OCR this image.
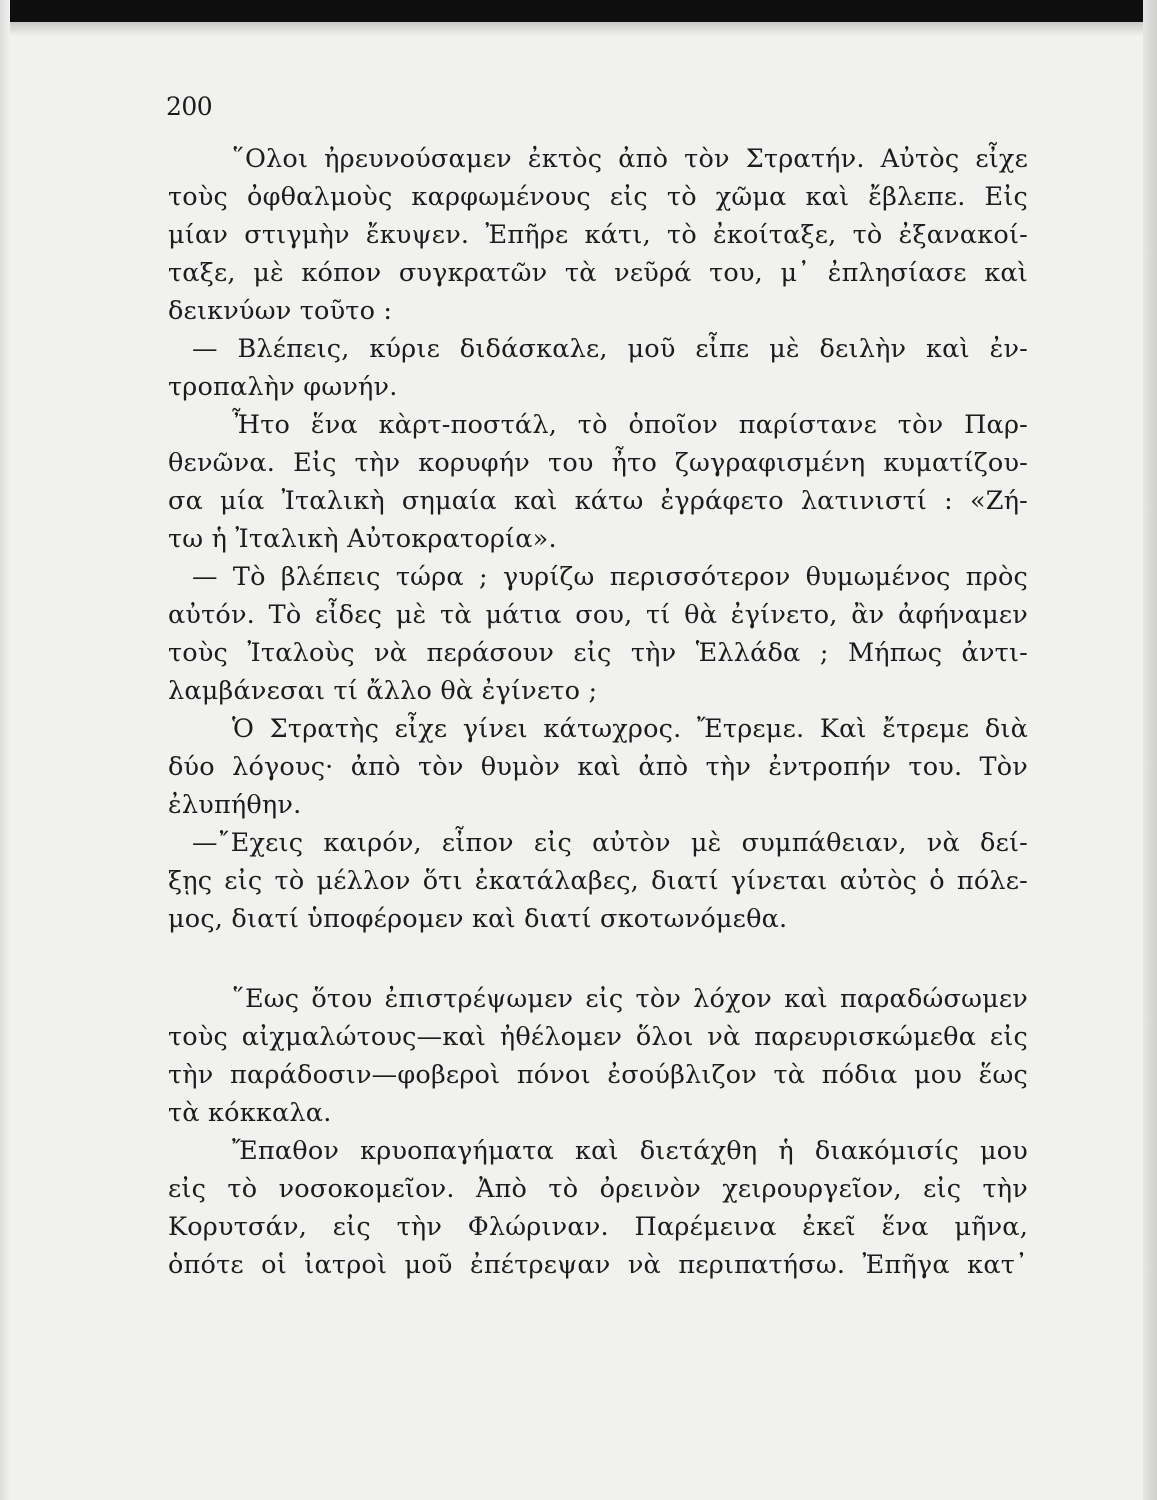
200
῞Ολοι ἠρευνούσαμεν ἐκτὸς ἀπὸ τὸν Στρατήν. Αὐτὸς εἶχε
τοὺς ὀφθαλμοὺς καρφωμένους εἰς τὸ χῶμα καὶ ἔβλεπε. Εἰς
μίαν στιγμὴν ἔκυψεν. Ἐπῆρε κάτι, τὸ ἐκοίταξε, τὸ ἐξανακοί-
ταξε, μὲ κόπον συγκρατῶν τὰ νεῦρά του, μ᾿ ἐπλησίασε καὶ
δεικνύων τοῦτο :
— Βλέπεις, κύριε διδάσκαλε, μοῦ εἶπε μὲ δειλὴν καὶ ἐν-
τροπαλὴν φωνήν.
Ἦτο ἕνα κὰρτ-ποστάλ, τὸ ὁποῖον παρίστανε τὸν Παρ-
θενῶνα. Εἰς τὴν κορυφήν του ἦτο ζωγραφισμένη κυματίζου-
σα μία Ἰταλικὴ σημαία καὶ κάτω ἐγράφετο λατινιστί : «Ζή-
τω ἡ Ἰταλικὴ Αὐτοκρατορία».
— Τὸ βλέπεις τώρα ; γυρίζω περισσότερον θυμωμένος πρὸς
αὐτόν. Τὸ εἶδες μὲ τὰ μάτια σου, τί θὰ ἐγίνετο, ἂν ἀφήναμεν
τοὺς Ἰταλοὺς νὰ περάσουν εἰς τὴν Ἑλλάδα ; Μήπως ἀντι-
λαμβάνεσαι τί ἄλλο θὰ ἐγίνετο ;
Ὁ Στρατὴς εἶχε γίνει κάτωχρος. Ἔτρεμε. Καὶ ἔτρεμε διὰ
δύο λόγους· ἀπὸ τὸν θυμὸν καὶ ἀπὸ τὴν ἐντροπήν του. Τὸν
ἐλυπήθην.
—῎Εχεις καιρόν, εἶπον εἰς αὐτὸν μὲ συμπάθειαν, νὰ δεί-
ξῃς εἰς τὸ μέλλον ὅτι ἐκατάλαβες, διατί γίνεται αὐτὸς ὁ πόλε-
μος, διατί ὑποφέρομεν καὶ διατί σκοτωνόμεθα.
῞Εως ὅτου ἐπιστρέψωμεν εἰς τὸν λόχον καὶ παραδώσωμεν
τοὺς αἰχμαλώτους—καὶ ἠθέλομεν ὅλοι νὰ παρευρισκώμεθα εἰς
τὴν παράδοσιν—φοβεροὶ πόνοι ἐσούβλιζον τὰ πόδια μου ἕως
τὰ κόκκαλα.
Ἔπαθον κρυοπαγήματα καὶ διετάχθη ἡ διακόμισίς μου
εἰς τὸ νοσοκομεῖον. Ἀπὸ τὸ ὀρεινὸν χειρουργεῖον, εἰς τὴν
Κορυτσάν, εἰς τὴν Φλώριναν. Παρέμεινα ἐκεῖ ἕνα μῆνα,
ὁπότε οἱ ἰατροὶ μοῦ ἐπέτρεψαν νὰ περιπατήσω. Ἐπῆγα κατ᾿
